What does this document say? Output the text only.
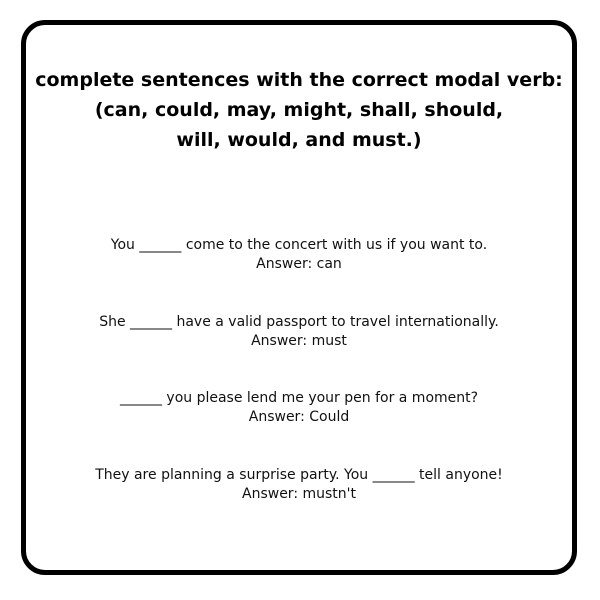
complete sentences with the correct modal verb:
(can, could, may, might, shall, should,
will, would, and must.)
You ______ come to the concert with us if you want to.
Answer: can
She ______ have a valid passport to travel internationally.
Answer: must
______ you please lend me your pen for a moment?
Answer: Could
They are planning a surprise party. You ______ tell anyone!
Answer: mustn't
